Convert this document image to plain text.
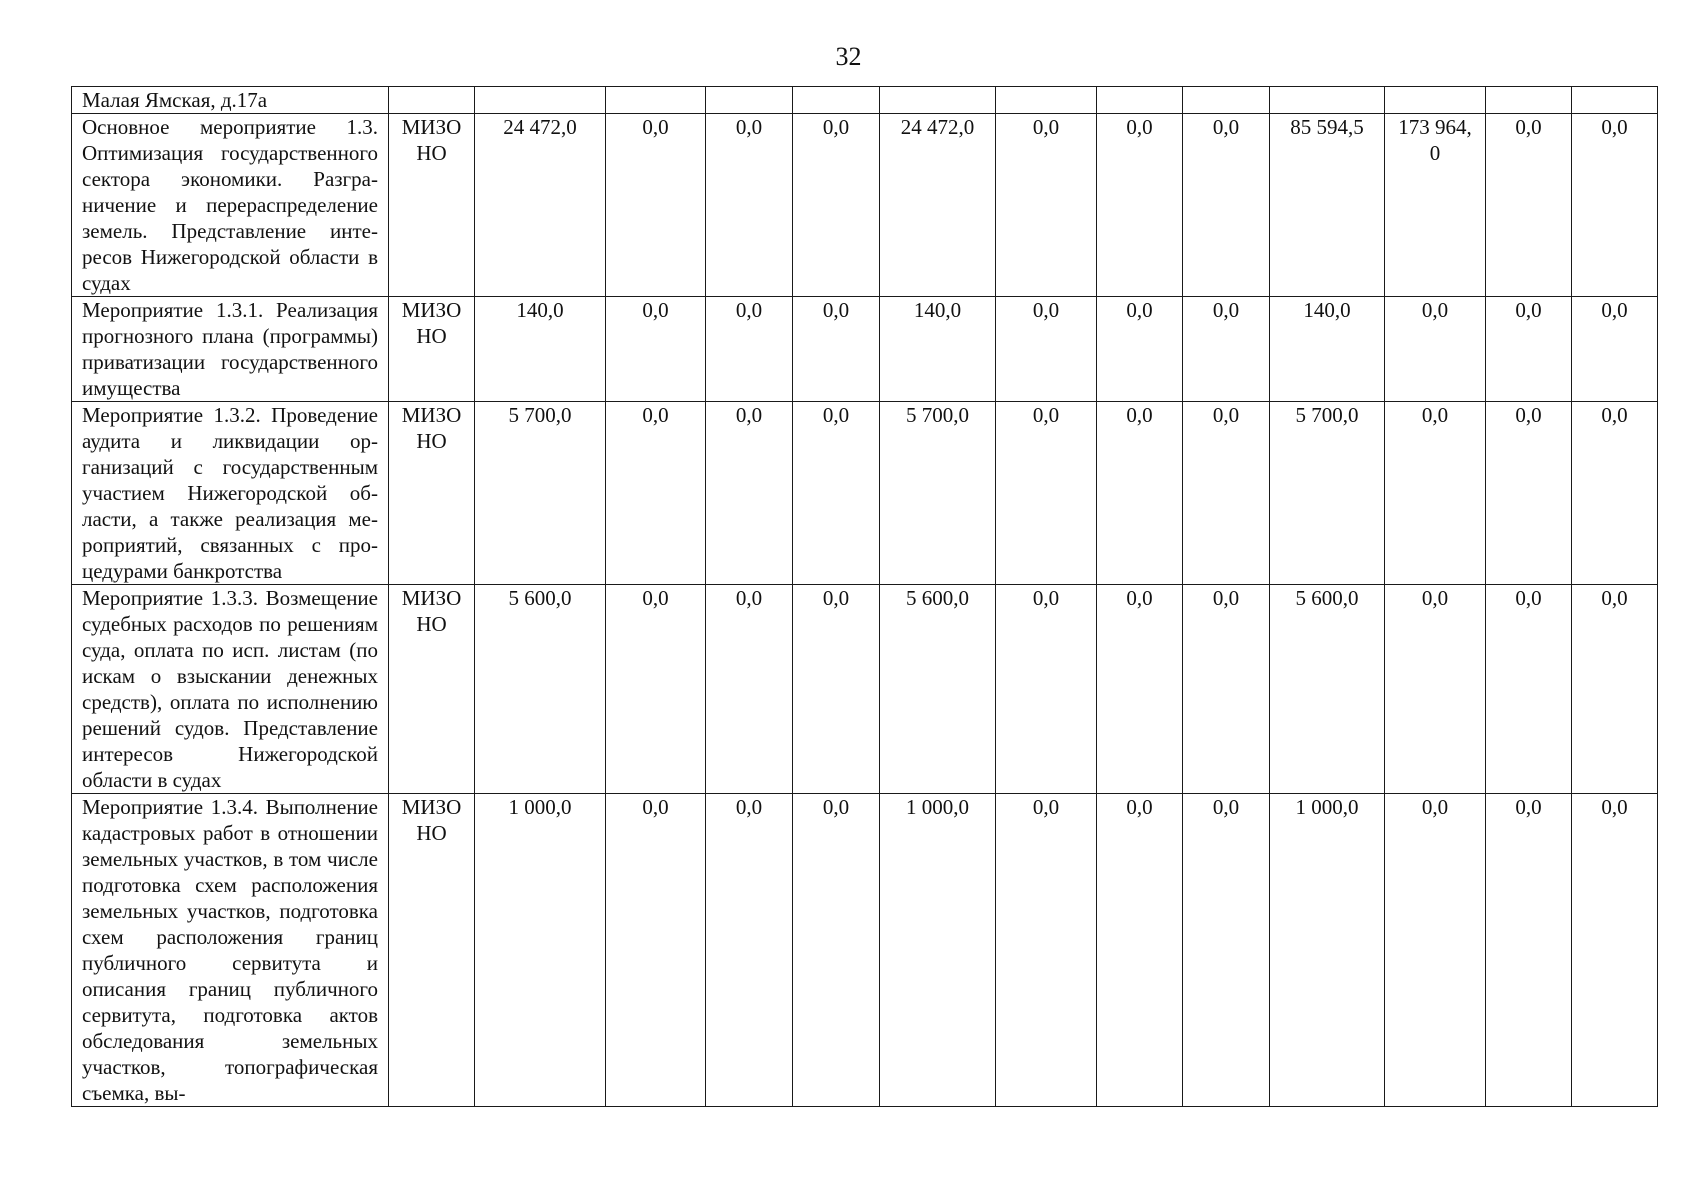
32
Малая Ямская, д.17а													
Основное мероприятие 1.3. Оптимизация государственного сектора экономики. Разграничение и перераспределение земель. Представление интересов Нижегородской области в судах	МИЗО НО	24 472,0	0,0	0,0	0,0	24 472,0	0,0	0,0	0,0	85 594,5	173 964,0	0,0	0,0
Мероприятие 1.3.1. Реализация прогнозного плана (программы) приватизации государственного имущества	МИЗО НО	140,0	0,0	0,0	0,0	140,0	0,0	0,0	0,0	140,0	0,0	0,0	0,0
Мероприятие 1.3.2. Проведение аудита и ликвидации организаций с государственным участием Нижегородской области, а также реализация мероприятий, связанных с процедурами банкротства	МИЗО НО	5 700,0	0,0	0,0	0,0	5 700,0	0,0	0,0	0,0	5 700,0	0,0	0,0	0,0
Мероприятие 1.3.3. Возмещение судебных расходов по решениям суда, оплата по исп. листам (по искам о взыскании денежных средств), оплата по исполнению решений судов. Представление интересов Нижегородской области в судах	МИЗО НО	5 600,0	0,0	0,0	0,0	5 600,0	0,0	0,0	0,0	5 600,0	0,0	0,0	0,0
Мероприятие 1.3.4. Выполнение кадастровых работ в отношении земельных участков, в том числе подготовка схем расположения земельных участков, подготовка схем расположения границ публичного сервитута и описания границ публичного сервитута, подготовка актов обследования земельных участков, топографическая съемка, вы-	МИЗО НО	1 000,0	0,0	0,0	0,0	1 000,0	0,0	0,0	0,0	1 000,0	0,0	0,0	0,0
